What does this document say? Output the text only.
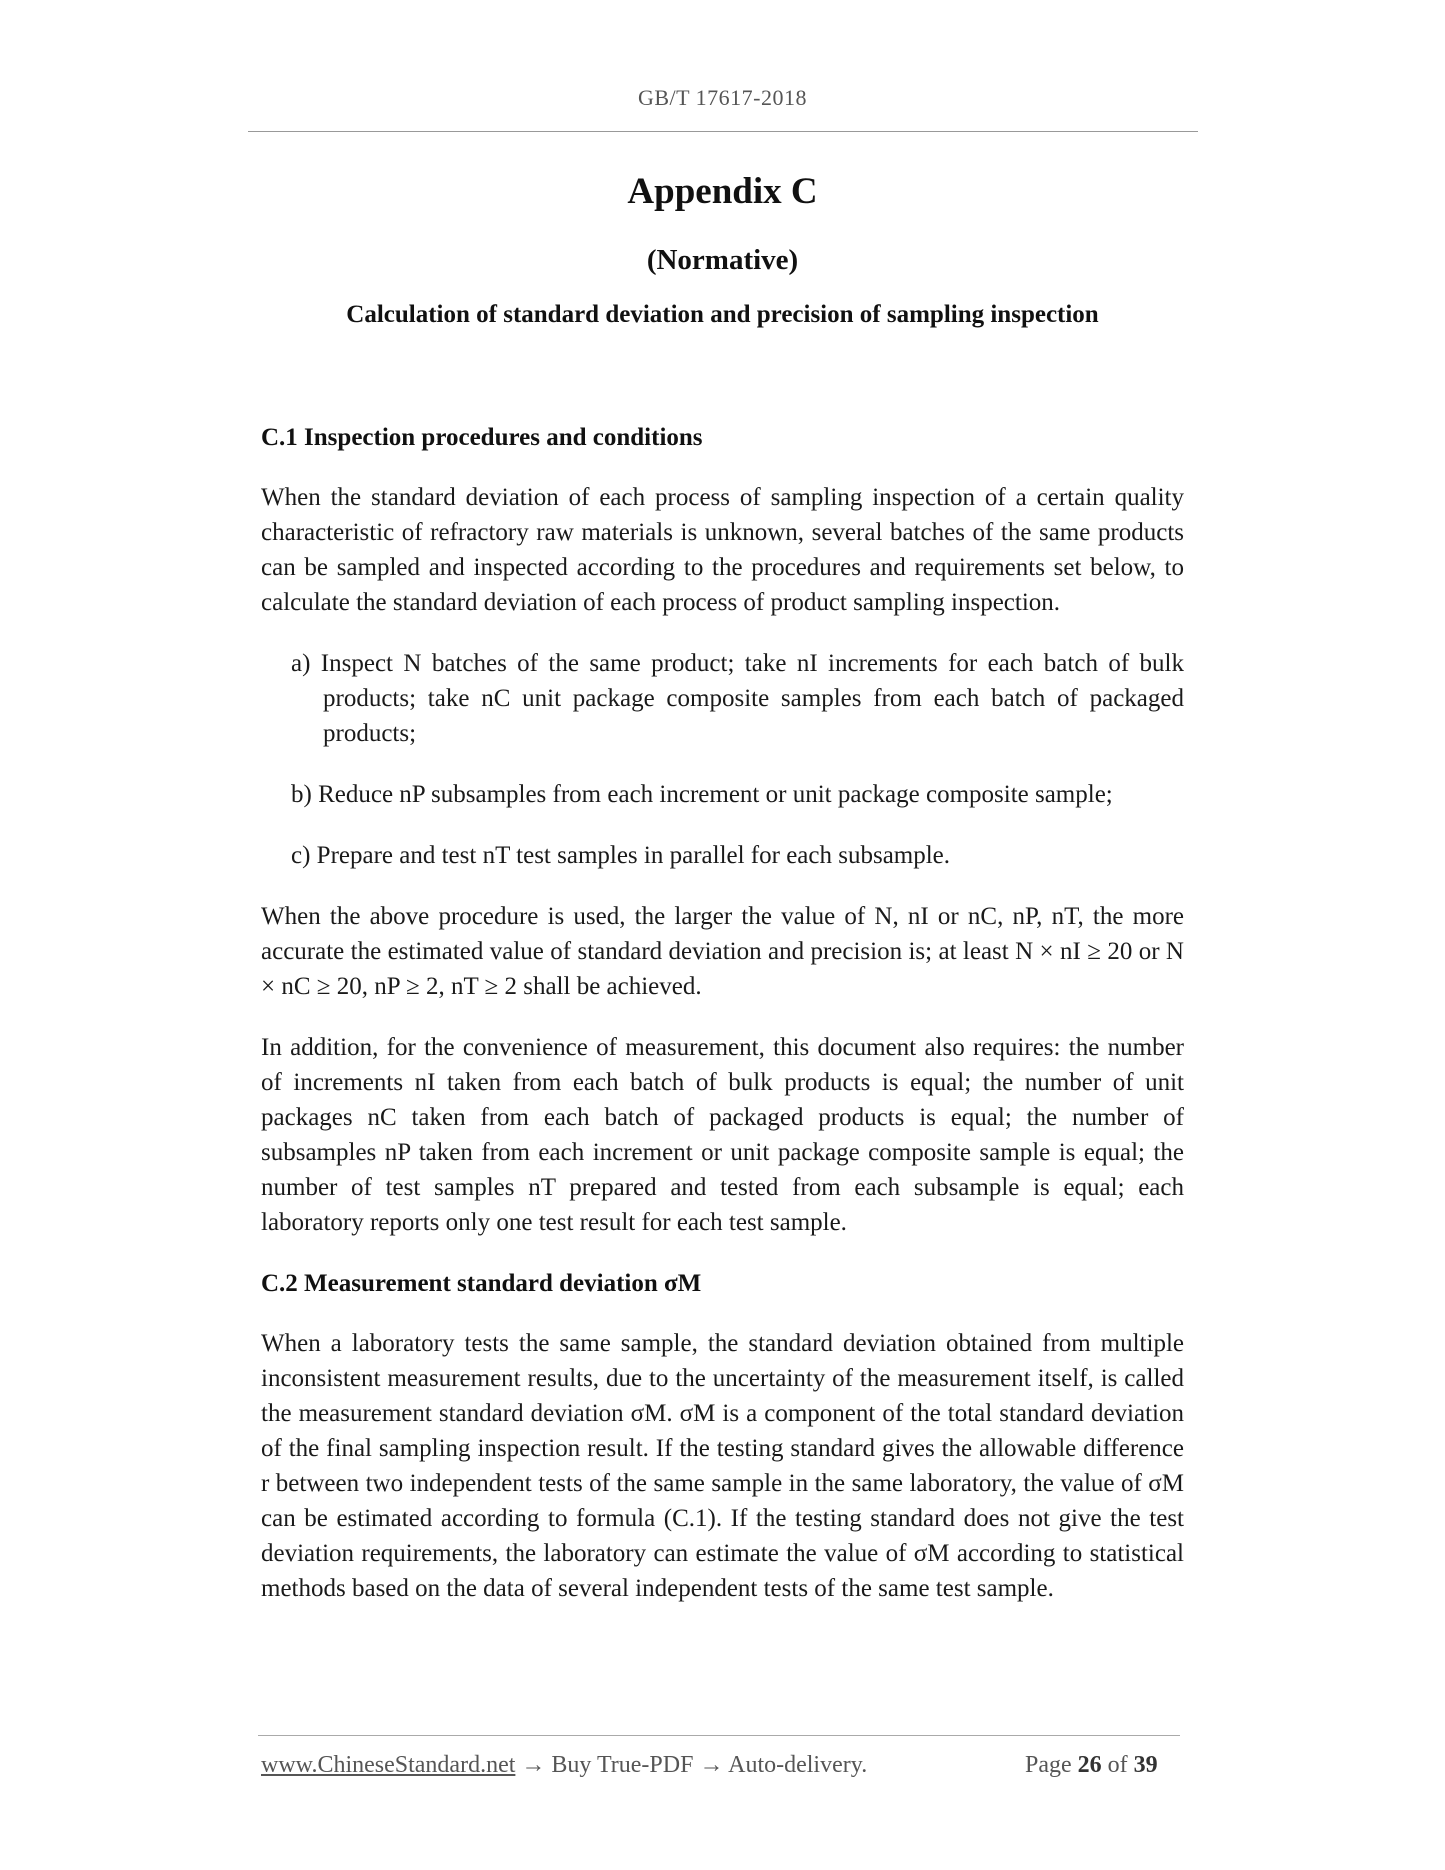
GB/T 17617-2018
Appendix C
(Normative)
Calculation of standard deviation and precision of sampling inspection
C.1 Inspection procedures and conditions

When the standard deviation of each process of sampling inspection of a certain quality characteristic of refractory raw materials is unknown, several batches of the same products can be sampled and inspected according to the procedures and requirements set below, to calculate the standard deviation of each process of product sampling inspection.

a) Inspect N batches of the same product; take nI increments for each batch of bulk products; take nC unit package composite samples from each batch of packaged products;

b) Reduce nP subsamples from each increment or unit package composite sample;

c) Prepare and test nT test samples in parallel for each subsample.

When the above procedure is used, the larger the value of N, nI or nC, nP, nT, the more accurate the estimated value of standard deviation and precision is; at least N × nI ≥ 20 or N × nC ≥ 20, nP ≥ 2, nT ≥ 2 shall be achieved.

In addition, for the convenience of measurement, this document also requires: the number of increments nI taken from each batch of bulk products is equal; the number of unit packages nC taken from each batch of packaged products is equal; the number of subsamples nP taken from each increment or unit package composite sample is equal; the number of test samples nT prepared and tested from each subsample is equal; each laboratory reports only one test result for each test sample.

C.2 Measurement standard deviation σM

When a laboratory tests the same sample, the standard deviation obtained from multiple inconsistent measurement results, due to the uncertainty of the measurement itself, is called the measurement standard deviation σM. σM is a component of the total standard deviation of the final sampling inspection result. If the testing standard gives the allowable difference r between two independent tests of the same sample in the same laboratory, the value of σM can be estimated according to formula (C.1). If the testing standard does not give the test deviation requirements, the laboratory can estimate the value of σM according to statistical methods based on the data of several independent tests of the same test sample.

www.ChineseStandard.net → Buy True-PDF → Auto-delivery.	Page 26 of 39
